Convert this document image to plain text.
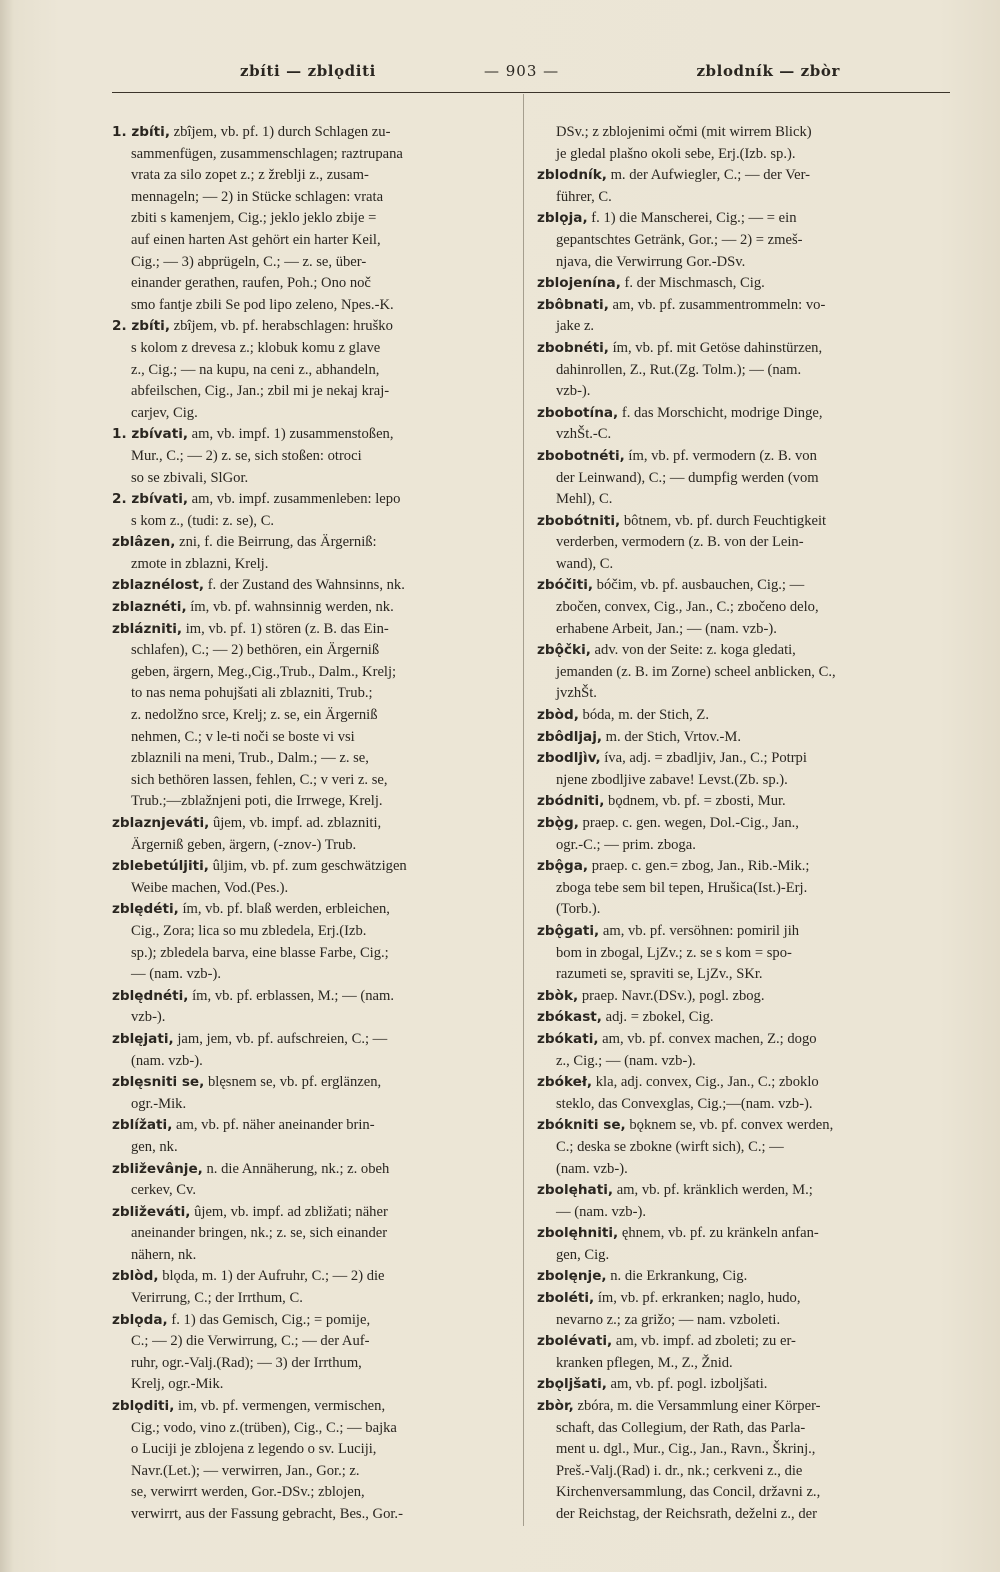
zbíti — zblǫditi	— 903 —	zblodník — zbòr
1. zbíti, zbîjem, vb. pf. 1) durch Schlagen zu-
sammenfügen, zusammenschlagen; raztrupana
vrata za silo zopet z.; z žreblji z., zusam-
mennageln; — 2) in Stücke schlagen: vrata
zbiti s kamenjem, Cig.; jeklo jeklo zbije =
auf einen harten Ast gehört ein harter Keil,
Cig.; — 3) abprügeln, C.; — z. se, über-
einander gerathen, raufen, Poh.; Ono noč
smo fantje zbili Se pod lipo zeleno, Npes.-K.
2. zbíti, zbîjem, vb. pf. herabschlagen: hruško
s kolom z drevesa z.; klobuk komu z glave
z., Cig.; — na kupu, na ceni z., abhandeln,
abfeilschen, Cig., Jan.; zbil mi je nekaj kraj-
carjev, Cig.
1. zbívati, am, vb. impf. 1) zusammenstoßen,
Mur., C.; — 2) z. se, sich stoßen: otroci
so se zbivali, SlGor.
2. zbívati, am, vb. impf. zusammenleben: lepo
s kom z., (tudi: z. se), C.
zblâzen, zni, f. die Beirrung, das Ärgerniß:
zmote in zblazni, Krelj.
zblaznélost, f. der Zustand des Wahnsinns, nk.
zblaznéti, ím, vb. pf. wahnsinnig werden, nk.
zblázniti, im, vb. pf. 1) stören (z. B. das Ein-
schlafen), C.; — 2) bethören, ein Ärgerniß
geben, ärgern, Meg.,Cig.,Trub., Dalm., Krelj;
to nas nema pohujšati ali zblazniti, Trub.;
z. nedolžno srce, Krelj; z. se, ein Ärgerniß
nehmen, C.; v le-ti noči se boste vi vsi
zblaznili na meni, Trub., Dalm.; — z. se,
sich bethören lassen, fehlen, C.; v veri z. se,
Trub.;—zblažnjeni poti, die Irrwege, Krelj.
zblaznjeváti, ûjem, vb. impf. ad. zblazniti,
Ärgerniß geben, ärgern, (-znov-) Trub.
zblebetúljiti, ûljim, vb. pf. zum geschwätzigen
Weibe machen, Vod.(Pes.).
zblędéti, ím, vb. pf. blaß werden, erbleichen,
Cig., Zora; lica so mu zbledela, Erj.(Izb.
sp.); zbledela barva, eine blasse Farbe, Cig.;
— (nam. vzb-).
zblędnéti, ím, vb. pf. erblassen, M.; — (nam.
vzb-).
zblęjati, jam, jem, vb. pf. aufschreien, C.; —
(nam. vzb-).
zblęsniti se, blęsnem se, vb. pf. erglänzen,
ogr.-Mik.
zblížati, am, vb. pf. näher aneinander brin-
gen, nk.
zbliževânje, n. die Annäherung, nk.; z. obeh
cerkev, Cv.
zbliževáti, ûjem, vb. impf. ad zbližati; näher
aneinander bringen, nk.; z. se, sich einander
nähern, nk.
zblòd, blǫda, m. 1) der Aufruhr, C.; — 2) die
Verirrung, C.; der Irrthum, C.
zblǫda, f. 1) das Gemisch, Cig.; = pomije,
C.; — 2) die Verwirrung, C.; — der Auf-
ruhr, ogr.-Valj.(Rad); — 3) der Irrthum,
Krelj, ogr.-Mik.
zblǫditi, im, vb. pf. vermengen, vermischen,
Cig.; vodo, vino z.(trüben), Cig., C.; — bajka
o Luciji je zblojena z legendo o sv. Luciji,
Navr.(Let.); — verwirren, Jan., Gor.; z.
se, verwirrt werden, Gor.-DSv.; zblojen,
verwirrt, aus der Fassung gebracht, Bes., Gor.-
DSv.; z zblojenimi očmi (mit wirrem Blick)
je gledal plašno okoli sebe, Erj.(Izb. sp.).
zblodník, m. der Aufwiegler, C.; — der Ver-
führer, C.
zblǫja, f. 1) die Manscherei, Cig.; — = ein
gepantschtes Getränk, Gor.; — 2) = zmeš-
njava, die Verwirrung Gor.-DSv.
zblojenína, f. der Mischmasch, Cig.
zbôbnati, am, vb. pf. zusammentrommeln: vo-
jake z.
zbobnéti, ím, vb. pf. mit Getöse dahinstürzen,
dahinrollen, Z., Rut.(Zg. Tolm.); — (nam.
vzb-).
zbobotína, f. das Morschicht, modrige Dinge,
vzhŠt.-C.
zbobotnéti, ím, vb. pf. vermodern (z. B. von
der Leinwand), C.; — dumpfig werden (vom
Mehl), C.
zbobótniti, bôtnem, vb. pf. durch Feuchtigkeit
verderben, vermodern (z. B. von der Lein-
wand), C.
zbóčiti, bóčim, vb. pf. ausbauchen, Cig.; —
zbočen, convex, Cig., Jan., C.; zbočeno delo,
erhabene Arbeit, Jan.; — (nam. vzb-).
zbǫ̂čki, adv. von der Seite: z. koga gledati,
jemanden (z. B. im Zorne) scheel anblicken, C.,
jvzhŠt.
zbòd, bóda, m. der Stich, Z.
zbôdljaj, m. der Stich, Vrtov.-M.
zbodljìv, íva, adj. = zbadljiv, Jan., C.; Potrpi
njene zbodljive zabave! Levst.(Zb. sp.).
zbódniti, bǫdnem, vb. pf. = zbosti, Mur.
zbǫ̀g, praep. c. gen. wegen, Dol.-Cig., Jan.,
ogr.-C.; — prim. zboga.
zbǫ̂ga, praep. c. gen.= zbog, Jan., Rib.-Mik.;
zboga tebe sem bil tepen, Hrušica(Ist.)-Erj.
(Torb.).
zbǫ̂gati, am, vb. pf. versöhnen: pomiril jih
bom in zbogal, LjZv.; z. se s kom = spo-
razumeti se, spraviti se, LjZv., SKr.
zbòk, praep. Navr.(DSv.), pogl. zbog.
zbókast, adj. = zbokel, Cig.
zbókati, am, vb. pf. convex machen, Z.; dogo
z., Cig.; — (nam. vzb-).
zbókeł, kla, adj. convex, Cig., Jan., C.; zboklo
steklo, das Convexglas, Cig.;—(nam. vzb-).
zbókniti se, bǫknem se, vb. pf. convex werden,
C.; deska se zbokne (wirft sich), C.; —
(nam. vzb-).
zbolęhati, am, vb. pf. kränklich werden, M.;
— (nam. vzb-).
zbolęhniti, ęhnem, vb. pf. zu kränkeln anfan-
gen, Cig.
zbolęnje, n. die Erkrankung, Cig.
zboléti, ím, vb. pf. erkranken; naglo, hudo,
nevarno z.; za grižo; — nam. vzboleti.
zbolévati, am, vb. impf. ad zboleti; zu er-
kranken pflegen, M., Z., Žnid.
zbǫljšati, am, vb. pf. pogl. izboljšati.
zbòr, zbóra, m. die Versammlung einer Körper-
schaft, das Collegium, der Rath, das Parla-
ment u. dgl., Mur., Cig., Jan., Ravn., Škrinj.,
Preš.-Valj.(Rad) i. dr., nk.; cerkveni z., die
Kirchenversammlung, das Concil, državni z.,
der Reichstag, der Reichsrath, deželni z., der
